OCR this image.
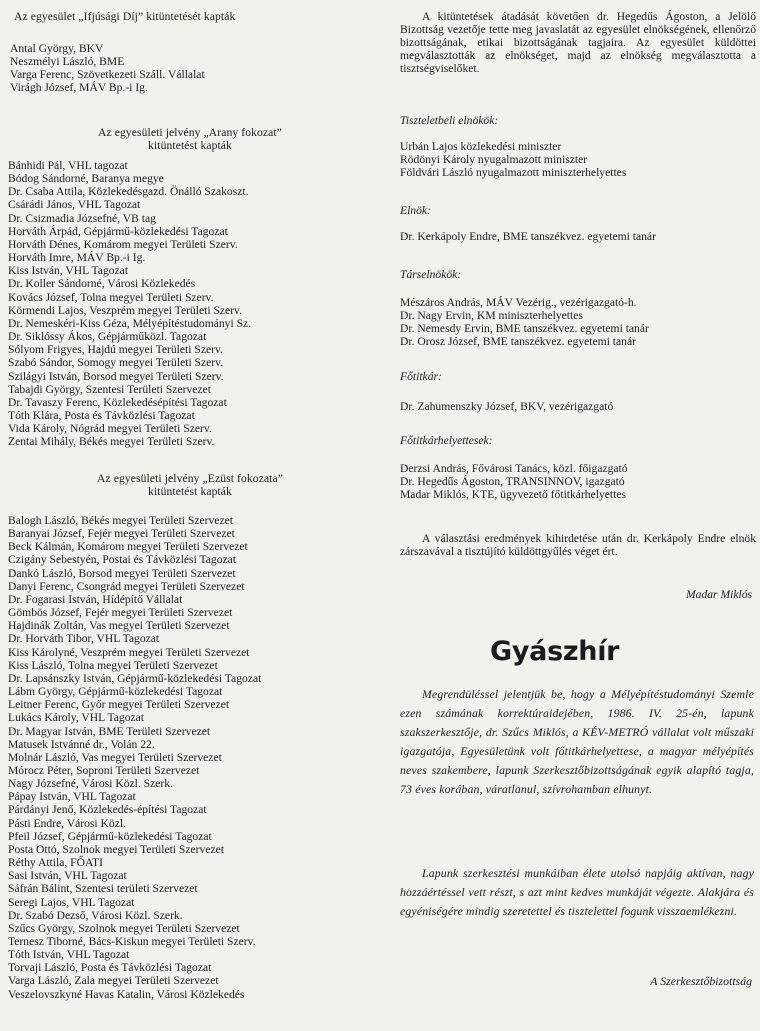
Az egyesület „Ifjúsági Díj” kitüntetését kapták

Antal György, BKV
Neszmélyi László, BME
Varga Ferenc, Szövetkezeti Száll. Vállalat
Virágh József, MÁV Bp.-i Ig.

Az egyesületi jelvény „Arany fokozat”
kitüntetést kapták

Bánhidi Pál, VHL tagozat
Bódog Sándorné, Baranya megye
Dr. Csaba Attila, Közlekedésgazd. Önálló Szakoszt.
Csárádi János, VHL Tagozat
Dr. Csizmadia Józsefné, VB tag
Horváth Árpád, Gépjármű-közlekedési Tagozat
Horváth Dénes, Komárom megyei Területi Szerv.
Horváth Imre, MÁV Bp.-i Ig.
Kiss István, VHL Tagozat
Dr. Koller Sándorné, Városi Közlekedés
Kovács József, Tolna megyei Területi Szerv.
Körmendi Lajos, Veszprém megyei Területi Szerv.
Dr. Nemeskéri-Kiss Géza, Mélyépítéstudományi Sz.
Dr. Siklóssy Ákos, Gépjárműközl. Tagozat
Sólyom Frigyes, Hajdú megyei Területi Szerv.
Szabó Sándor, Somogy megyei Területi Szerv.
Szilágyi István, Borsod megyei Területi Szerv.
Tabajdi György, Szentesi Területi Szervezet
Dr. Tavaszy Ferenc, Közlekedésépítési Tagozat
Tóth Klára, Posta és Távközlési Tagozat
Vida Károly, Nógrád megyei Területi Szerv.
Zentai Mihály, Békés megyei Területi Szerv.

Az egyesületi jelvény „Ezüst fokozata”
kitüntetést kapták

Balogh László, Békés megyei Területi Szervezet
Baranyai József, Fejér megyei Területi Szervezet
Beck Kálmán, Komárom megyei Területi Szervezet
Czigány Sebestyén, Postai és Távközlési Tagozat
Dankó László, Borsod megyei Területi Szervezet
Danyi Ferenc, Csongrád megyei Területi Szervezet
Dr. Fogarasi István, Hídépítő Vállalat
Gömbös József, Fejér megyei Területi Szervezet
Hajdinák Zoltán, Vas megyei Területi Szervezet
Dr. Horváth Tibor, VHL Tagozat
Kiss Károlyné, Veszprém megyei Területi Szervezet
Kiss László, Tolna megyei Területi Szervezet
Dr. Lapsánszky István, Gépjármű-közlekedési Tagozat
Lábm György, Gépjármű-közlekedési Tagozat
Leitner Ferenc, Győr megyei Területi Szervezet
Lukács Károly, VHL Tagozat
Dr. Magyar István, BME Területi Szervezet
Matusek Istvánné dr., Volán 22.
Molnár László, Vas megyei Területi Szervezet
Mórocz Péter, Soproni Területi Szervezet
Nagy Józsefné, Városi Közl. Szerk.
Pápay István, VHL Tagozat
Párdányi Jenő, Közlekedés-építési Tagozat
Pásti Endre, Városi Közl.
Pfeil József, Gépjármű-közlekedési Tagozat
Posta Ottó, Szolnok megyei Területi Szervezet
Réthy Attila, FŐATI
Sasi István, VHL Tagozat
Sáfrán Bálint, Szentesi területi Szervezet
Seregi Lajos, VHL Tagozat
Dr. Szabó Dezső, Városi Közl. Szerk.
Szűcs György, Szolnok megyei Területi Szervezet
Ternesz Tiborné, Bács-Kiskun megyei Területi Szerv.
Tóth István, VHL Tagozat
Torvaji László, Posta és Távközlési Tagozat
Varga László, Zala megyei Területi Szervezet
Veszelovszkyné Havas Katalin, Városi Közlekedés

A kitüntetések átadását követően dr. Hegedűs Ágoston, a Jelölő Bizottság vezetője tette meg javaslatát az egyesület elnökségének, ellenőrző bizottságának, etikai bizottságának tagjaira. Az egyesület küldöttei megválasztották az elnökséget, majd az elnökség megválasztotta a tisztségviselőket.

Tiszteletbeli elnökök:

Urbán Lajos közlekedési miniszter
Rödönyi Károly nyugalmazott miniszter
Földvári László nyugalmazott miniszterhelyettes

Elnök:

Dr. Kerkápoly Endre, BME tanszékvez. egyetemi tanár

Társelnökök:

Mészáros András, MÁV Vezérig., vezérigazgató-h.
Dr. Nagy Ervin, KM miniszterhelyettes
Dr. Nemesdy Ervin, BME tanszékvez. egyetemi tanár
Dr. Orosz József, BME tanszékvez. egyetemi tanár

Főtitkár:

Dr. Zahumenszky József, BKV, vezérigazgató

Főtitkárhelyettesek:

Derzsi András, Fővárosi Tanács, közl. főigazgató
Dr. Hegedűs Ágoston, TRANSINNOV, igazgató
Madar Miklós, KTE, ügyvezető főtitkárhelyettes

A választási eredmények kihirdetése után dr. Kerkápoly Endre elnök zárszavával a tisztújító küldöttgyűlés véget ért.

Madar Miklós

Gyászhír

Megrendüléssel jelentjük be, hogy a Mélyépítéstudományi Szemle ezen számának korrektúraidejében, 1986. IV. 25-én, lapunk szakszerkesztője, dr. Szűcs Miklós, a KÉV-METRÓ vállalat volt műszaki igazgatója, Egyesületünk volt főtitkárhelyettese, a magyar mélyépítés neves szakembere, lapunk Szerkesztőbizottságának egyik alapító tagja, 73 éves korában, váratlanul, szívrohamban elhunyt.

Lapunk szerkesztési munkáiban élete utolsó napjáig aktívan, nagy hozzáértéssel vett részt, s azt mint kedves munkáját végezte. Alakjára és egyéniségére mindig szeretettel és tisztelettel fogunk visszaemlékezni.

A Szerkesztőbizottság
